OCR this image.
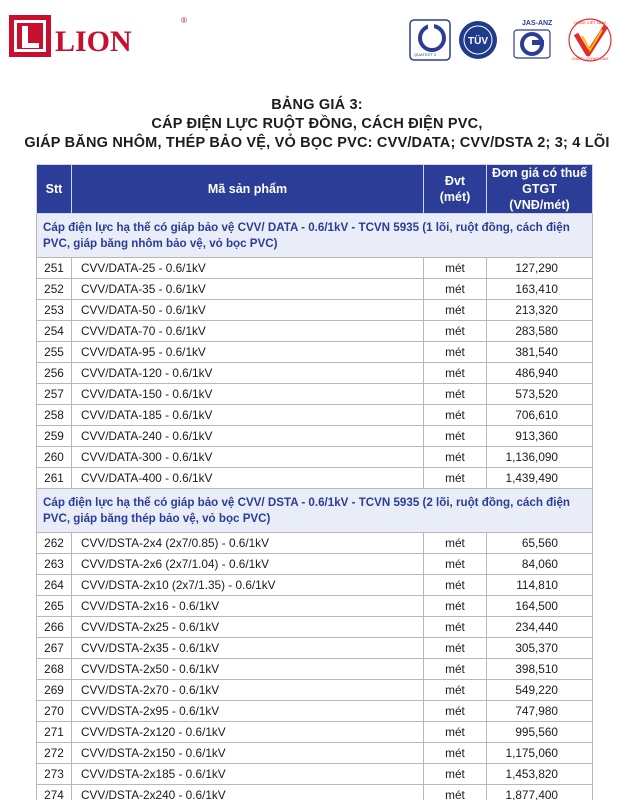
LION
®
QUATEST 3
TÜV
JAS-ANZ	HÀNG VIỆT NAM
CHẤT LƯỢNG CAO
BẢNG GIÁ 3:
CÁP ĐIỆN LỰC RUỘT ĐỒNG, CÁCH ĐIỆN PVC,
GIÁP BĂNG NHÔM, THÉP BẢO VỆ, VỎ BỌC PVC: CVV/DATA; CVV/DSTA 2; 3; 4 LÕI
Stt	Mã sản phẩm	Đvt (mét)	Đơn giá có thuế GTGT (VNĐ/mét)
Cáp điện lực hạ thế có giáp bảo vệ CVV/ DATA - 0.6/1kV - TCVN 5935 (1 lõi, ruột đồng, cách điện PVC, giáp băng nhôm bảo vệ, vỏ bọc PVC)			
251	CVV/DATA-25 - 0.6/1kV	mét	127,290
252	CVV/DATA-35 - 0.6/1kV	mét	163,410
253	CVV/DATA-50 - 0.6/1kV	mét	213,320
254	CVV/DATA-70 - 0.6/1kV	mét	283,580
255	CVV/DATA-95 - 0.6/1kV	mét	381,540
256	CVV/DATA-120 - 0.6/1kV	mét	486,940
257	CVV/DATA-150 - 0.6/1kV	mét	573,520
258	CVV/DATA-185 - 0.6/1kV	mét	706,610
259	CVV/DATA-240 - 0.6/1kV	mét	913,360
260	CVV/DATA-300 - 0.6/1kV	mét	1,136,090
261	CVV/DATA-400 - 0.6/1kV	mét	1,439,490
Cáp điện lực hạ thế có giáp bảo vệ CVV/ DSTA - 0.6/1kV - TCVN 5935 (2 lõi, ruột đồng, cách điện PVC, giáp băng thép bảo vệ, vỏ bọc PVC)			
262	CVV/DSTA-2x4 (2x7/0.85) - 0.6/1kV	mét	65,560
263	CVV/DSTA-2x6 (2x7/1.04) - 0.6/1kV	mét	84,060
264	CVV/DSTA-2x10 (2x7/1.35) - 0.6/1kV	mét	114,810
265	CVV/DSTA-2x16 - 0.6/1kV	mét	164,500
266	CVV/DSTA-2x25 - 0.6/1kV	mét	234,440
267	CVV/DSTA-2x35 - 0.6/1kV	mét	305,370
268	CVV/DSTA-2x50 - 0.6/1kV	mét	398,510
269	CVV/DSTA-2x70 - 0.6/1kV	mét	549,220
270	CVV/DSTA-2x95 - 0.6/1kV	mét	747,980
271	CVV/DSTA-2x120 - 0.6/1kV	mét	995,560
272	CVV/DSTA-2x150 - 0.6/1kV	mét	1,175,060
273	CVV/DSTA-2x185 - 0.6/1kV	mét	1,453,820
274	CVV/DSTA-2x240 - 0.6/1kV	mét	1,877,400
